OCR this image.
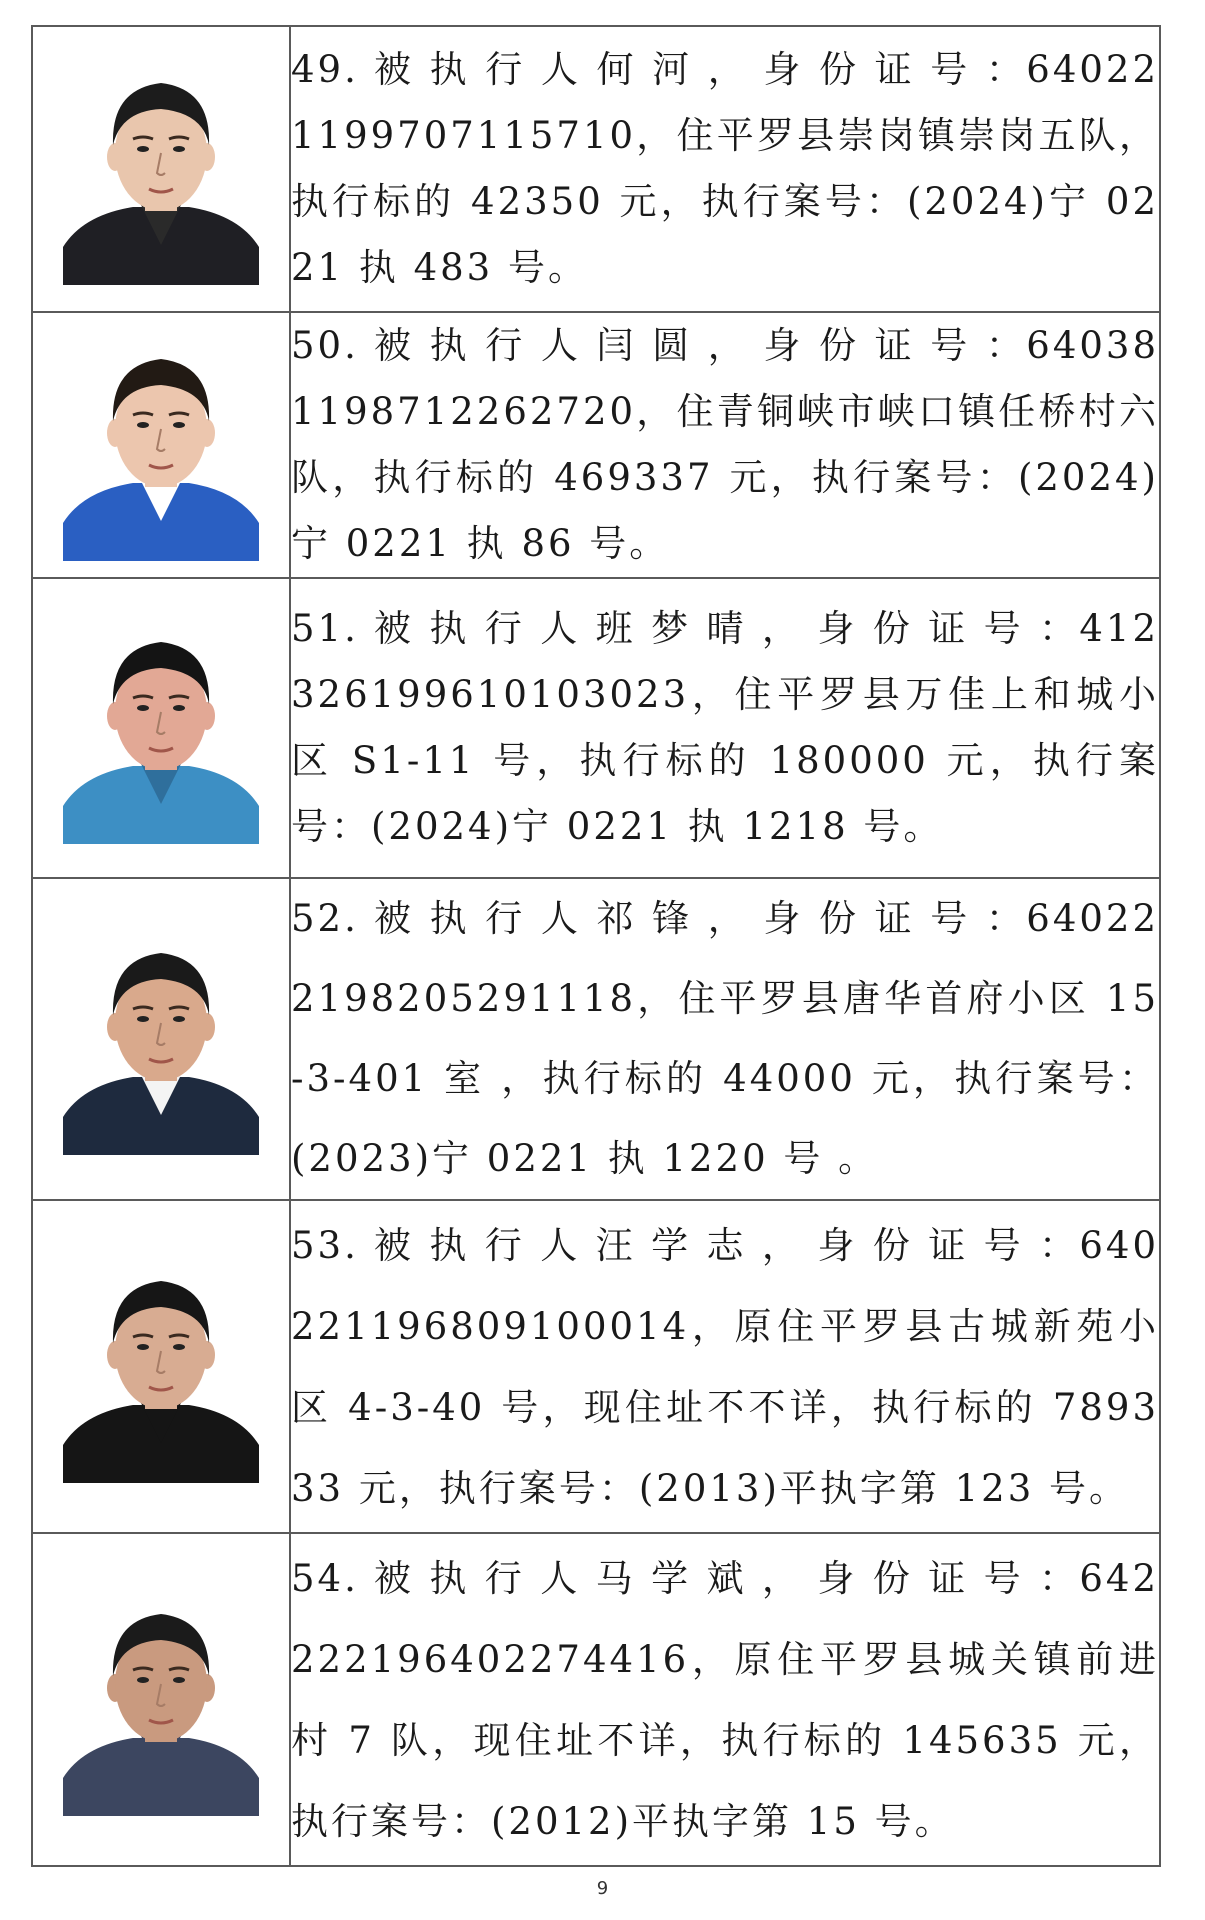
49. 被 执 行 人 何 河 ， 身 份 证 号 ：640221199707115710，住平罗县崇岗镇崇岗五队，执行标的 42350 元，执行案号：(2024)宁 0221 执 483 号。

50. 被 执 行 人 闫 圆 ， 身 份 证 号 ：640381198712262720，住青铜峡市峡口镇任桥村六队，执行标的 469337 元，执行案号：(2024)宁 0221 执 86 号。

51. 被 执 行 人 班 梦 晴 ， 身 份 证 号 ：412326199610103023，住平罗县万佳上和城小区 S1-11 号，执行标的 180000 元，执行案号：(2024)宁 0221 执 1218 号。

52. 被 执 行 人 祁 锋 ， 身 份 证 号 ：640222198205291118，住平罗县唐华首府小区 15-3-401 室 ，执行标的 44000 元，执行案号：(2023)宁 0221 执 1220 号 。

53. 被 执 行 人 汪 学 志 ， 身 份 证 号 ：640221196809100014，原住平罗县古城新苑小区 4-3-40 号，现住址不不详，执行标的 789333 元，执行案号：(2013)平执字第 123 号。

54. 被 执 行 人 马 学 斌 ， 身 份 证 号 ：642222196402274416，原住平罗县城关镇前进村 7 队，现住址不详，执行标的 145635 元，执行案号：(2012)平执字第 15 号。
9
